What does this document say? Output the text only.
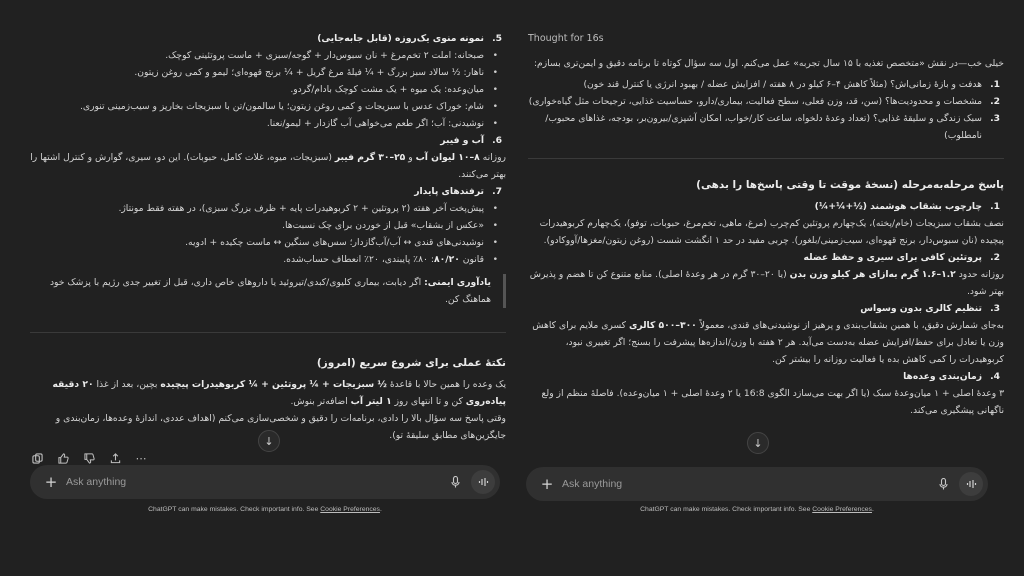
5.
نمونه منوی یک‌روزه (قابل جابه‌جایی)
• صبحانه: املت ۲ تخم‌مرغ + نان سبوس‌دار + گوجه/سبزی + ماست پروتئینی کوچک.
• ناهار: ½ سالاد سبز بزرگ + ¼ فیلهٔ مرغ گریل + ¼ برنج قهوه‌ای؛ لیمو و کمی روغن زیتون.
• میان‌وعده: یک میوه + یک مشت کوچک بادام/گردو.
• شام: خوراک عدس با سبزیجات و کمی روغن زیتون؛ یا سالمون/تن با سبزیجات بخارپز و سیب‌زمینی تنوری.
• نوشیدنی: آب؛ اگر طعم می‌خواهی آب گازدار + لیمو/نعنا.
6.
آب و فیبر

روزانه ۸–۱۰ لیوان آب و ۲۵–۳۰ گرم فیبر (سبزیجات، میوه، غلات کامل، حبوبات). این دو، سیری، گوارش و کنترل اشتها را بهتر می‌کنند.

7.
ترفندهای پایدار
• پیش‌پخت آخر هفته (۲ پروتئین + ۲ کربوهیدرات پایه + ظرف بزرگ سبزی)، در هفته فقط مونتاژ.
• «عکس از بشقاب» قبل از خوردن برای چک نسبت‌ها.
• نوشیدنی‌های قندی ↔ آب/آب‌گازدار؛ سس‌های سنگین ↔ ماست چکیده + ادویه.
• قانون ۸۰/۲۰: ۸۰٪ پایبندی، ۲۰٪ انعطاف حساب‌شده.
یادآوری ایمنی: اگر دیابت، بیماری کلیوی/کبدی/تیروئید یا داروهای خاص داری، قبل از تغییر جدی رژیم با پزشک خود هماهنگ کن.
نکتهٔ عملی برای شروع سریع (امروز)

یک وعده را همین حالا با قاعدهٔ ½ سبزیجات + ¼ پروتئین + ¼ کربوهیدرات پیچیده بچین، بعد از غذا ۲۰ دقیقه پیاده‌روی کن و تا انتهای روز ۱ لیتر آب اضافه‌تر بنوش.

وقتی پاسخ سه سؤال بالا را دادی، برنامه‌ات را دقیق و شخصی‌سازی می‌کنم (اهداف عددی، اندازهٔ وعده‌ها، زمان‌بندی و جایگزین‌های مطابق سلیقهٔ تو).

↓
⋯
+ Ask anything
ChatGPT can make mistakes. Check important info. See Cookie Preferences.
Thought for 16s

خیلی خب—در نقش «متخصص تغذیه با ۱۵ سال تجربه» عمل می‌کنم. اول سه سؤال کوتاه تا برنامه دقیق و ایمن‌تری بسازم:

1.
هدفت و بازهٔ زمانی‌اش؟ (مثلاً کاهش ۴–۶ کیلو در ۸ هفته / افزایش عضله / بهبود انرژی یا کنترل قند خون)
2.
مشخصات و محدودیت‌ها؟ (سن، قد، وزن فعلی، سطح فعالیت، بیماری/دارو، حساسیت غذایی، ترجیحات مثل گیاه‌خواری)
3.
سبک زندگی و سلیقهٔ غذایی؟ (تعداد وعدهٔ دلخواه، ساعت کار/خواب، امکان آشپزی/بیرون‌بر، بودجه، غذاهای محبوب/نامطلوب)
پاسخ مرحله‌به‌مرحله (نسخهٔ موقت تا وقتی پاسخ‌ها را بدهی)
1.
چارچوب بشقاب هوشمند (½+¼+¼)

نصف بشقاب سبزیجات (خام/پخته)، یک‌چهارم پروتئین کم‌چرب (مرغ، ماهی، تخم‌مرغ، حبوبات، توفو)، یک‌چهارم کربوهیدرات پیچیده (نان سبوس‌دار، برنج قهوه‌ای، سیب‌زمینی/بلغور). چربی مفید در حد ۱ انگشت شست (روغن زیتون/مغزها/آووکادو).

2.
پروتئین کافی برای سیری و حفظ عضله

روزانه حدود ۱.۲–۱.۶ گرم به‌ازای هر کیلو وزن بدن (یا ۲۰–۳۰ گرم در هر وعدهٔ اصلی). منابع متنوع کن تا هضم و پذیرش بهتر شود.

3.
تنظیم کالری بدون وسواس

به‌جای شمارش دقیق، با همین بشقاب‌بندی و پرهیز از نوشیدنی‌های قندی، معمولاً ۳۰۰–۵۰۰ کالری کسری ملایم برای کاهش وزن یا تعادل برای حفظ/افزایش عضله به‌دست می‌آید. هر ۲ هفته با وزن/اندازه‌ها پیشرفت را بسنج؛ اگر تغییری نبود، کربوهیدرات را کمی کاهش بده یا فعالیت روزانه را بیشتر کن.

4.
زمان‌بندی وعده‌ها

۳ وعدهٔ اصلی + ۱ میان‌وعدهٔ سبک (یا اگر بهت می‌سازد الگوی 16:8 یا ۲ وعدهٔ اصلی + ۱ میان‌وعده). فاصلهٔ منظم از ولع ناگهانی پیشگیری می‌کند.

↓
+ Ask anything
ChatGPT can make mistakes. Check important info. See Cookie Preferences.
